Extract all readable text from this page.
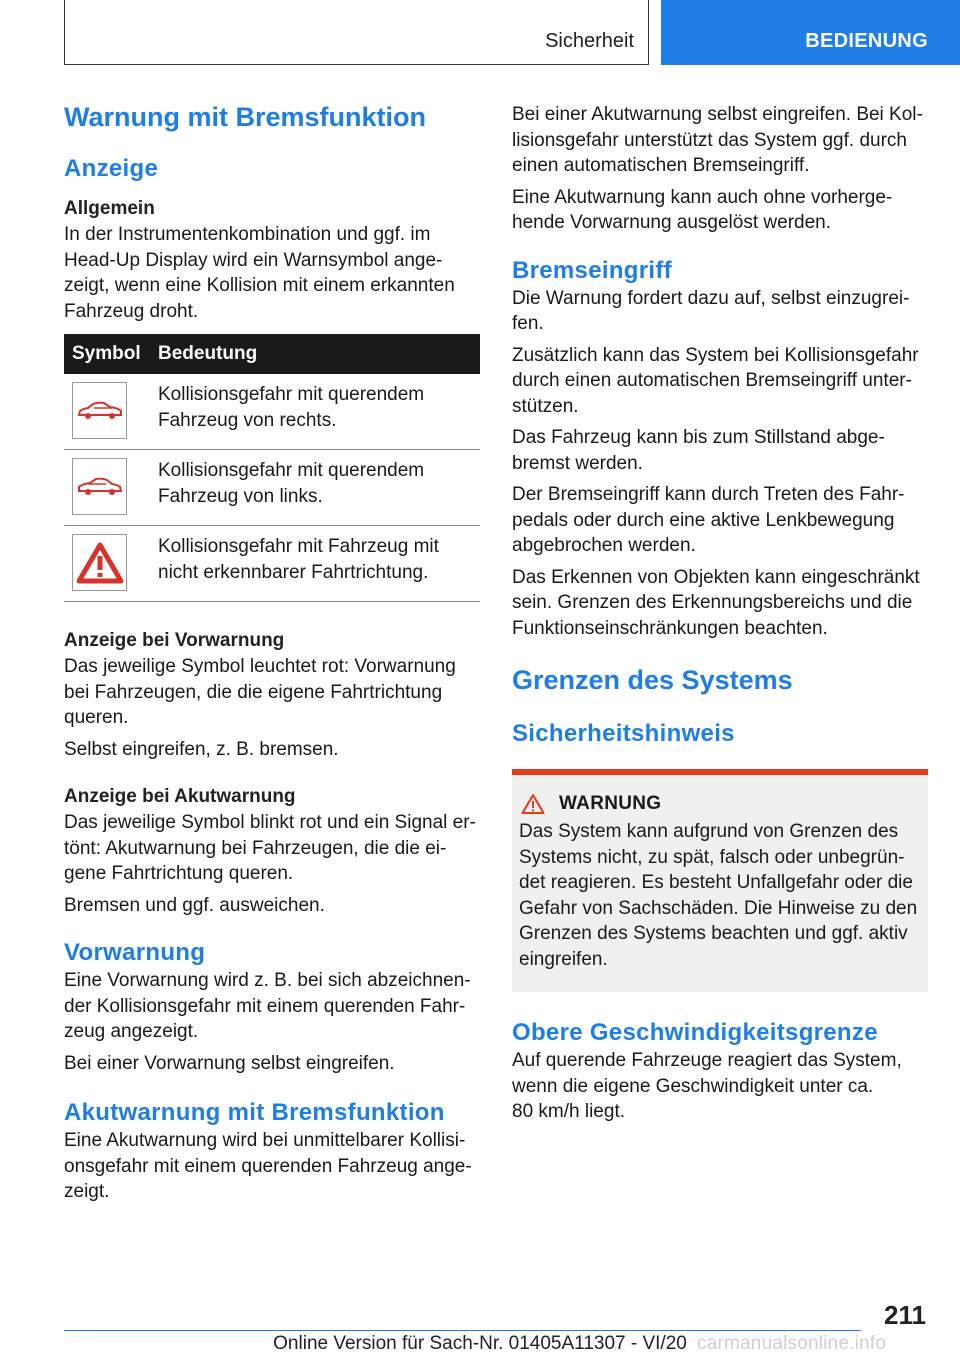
Sicherheit	BEDIENUNG
Warnung mit Bremsfunktion
Anzeige
Allgemein
In der Instrumentenkombination und ggf. im
Head-Up Display wird ein Warnsymbol ange-
zeigt, wenn eine Kollision mit einem erkannten
Fahrzeug droht.
Symbol	Bedeutung

Kollisionsgefahr mit querendem
Fahrzeug von rechts.

Kollisionsgefahr mit querendem
Fahrzeug von links.

Kollisionsgefahr mit Fahrzeug mit
nicht erkennbarer Fahrtrichtung.
Anzeige bei Vorwarnung
Das jeweilige Symbol leuchtet rot: Vorwarnung
bei Fahrzeugen, die die eigene Fahrtrichtung
queren.
Selbst eingreifen, z. B. bremsen.
Anzeige bei Akutwarnung
Das jeweilige Symbol blinkt rot und ein Signal er-
tönt: Akutwarnung bei Fahrzeugen, die die ei-
gene Fahrtrichtung queren.
Bremsen und ggf. ausweichen.
Vorwarnung
Eine Vorwarnung wird z. B. bei sich abzeichnen-
der Kollisionsgefahr mit einem querenden Fahr-
zeug angezeigt.
Bei einer Vorwarnung selbst eingreifen.
Akutwarnung mit Bremsfunktion
Eine Akutwarnung wird bei unmittelbarer Kollisi-
onsgefahr mit einem querenden Fahrzeug ange-
zeigt.
Bei einer Akutwarnung selbst eingreifen. Bei Kol-
lisionsgefahr unterstützt das System ggf. durch
einen automatischen Bremseingriff.
Eine Akutwarnung kann auch ohne vorherge-
hende Vorwarnung ausgelöst werden.
Bremseingriff
Die Warnung fordert dazu auf, selbst einzugrei-
fen.
Zusätzlich kann das System bei Kollisionsgefahr
durch einen automatischen Bremseingriff unter-
stützen.
Das Fahrzeug kann bis zum Stillstand abge-
bremst werden.
Der Bremseingriff kann durch Treten des Fahr-
pedals oder durch eine aktive Lenkbewegung
abgebrochen werden.
Das Erkennen von Objekten kann eingeschränkt
sein. Grenzen des Erkennungsbereichs und die
Funktionseinschränkungen beachten.
Grenzen des Systems
Sicherheitshinweis
WARNUNG
Das System kann aufgrund von Grenzen des
Systems nicht, zu spät, falsch oder unbegrün-
det reagieren. Es besteht Unfallgefahr oder die
Gefahr von Sachschäden. Die Hinweise zu den
Grenzen des Systems beachten und ggf. aktiv
eingreifen.
Obere Geschwindigkeitsgrenze
Auf querende Fahrzeuge reagiert das System,
wenn die eigene Geschwindigkeit unter ca.
80 km/h liegt.
211
Online Version für Sach-Nr. 01405A11307 - VI/20 carmanualsonline.info
